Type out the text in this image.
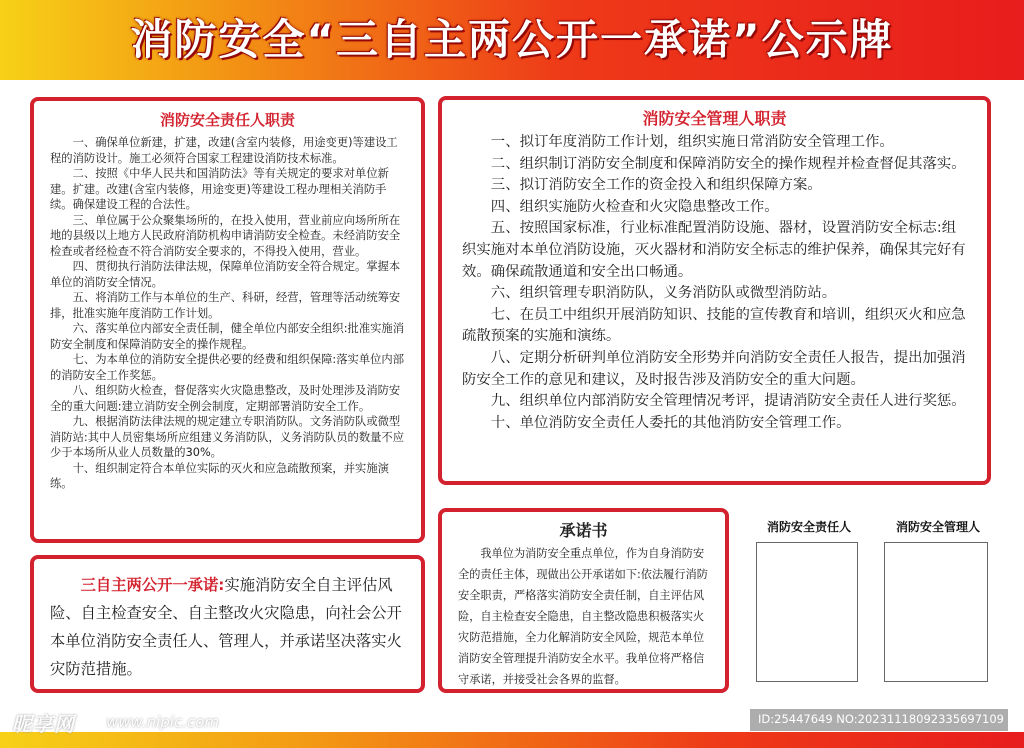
消防安全“三自主两公开一承诺”公示牌
消防安全责任人职责

一、确保单位新建，扩建，改建(含室内装修，用途变更)等建设工程的消防设计。施工必须符合国家工程建设消防技术标准。

二、按照《中华人民共和国消防法》等有关规定的要求对单位新建。扩建。改建(含室内装修，用途变更)等建设工程办理相关消防手续。确保建设工程的合法性。

三、单位属于公众聚集场所的，在投入使用，营业前应向场所所在地的县级以上地方人民政府消防机构申请消防安全检查。未经消防安全检查或者经检查不符合消防安全要求的，不得投入使用，营业。

四、贯彻执行消防法律法规，保障单位消防安全符合规定。掌握本单位的消防安全情况。

五、将消防工作与本单位的生产、科研，经营，管理等活动统筹安排，批准实施年度消防工作计划。

六、落实单位内部安全责任制，健全单位内部安全组织:批准实施消防安全制度和保障消防安全的操作规程。

七、为本单位的消防安全提供必要的经费和组织保障:落实单位内部的消防安全工作奖惩。

八、组织防火检查，督促落实火灾隐患整改，及时处理涉及消防安全的重大问题:建立消防安全例会制度，定期部署消防安全工作。

九、根据消防法律法规的规定建立专职消防队。文务消防队或微型消防站:其中人员密集场所应组建义务消防队，义务消防队员的数量不应少于本场所从业人员数量的30%。

十、组织制定符合本单位实际的灭火和应急疏散预案，并实施演练。

消防安全管理人职责

一、拟订年度消防工作计划，组织实施日常消防安全管理工作。

二、组织制订消防安全制度和保障消防安全的操作规程并检查督促其落实。

三、拟订消防安全工作的资金投入和组织保障方案。

四、组织实施防火检查和火灾隐患整改工作。

五、按照国家标准，行业标准配置消防设施、器材，设置消防安全标志:组织实施对本单位消防设施，灭火器材和消防安全标志的维护保养，确保其完好有效。确保疏散通道和安全出口畅通。

六、组织管理专职消防队，义务消防队或微型消防站。

七、在员工中组织开展消防知识、技能的宣传教育和培训，组织灭火和应急疏散预案的实施和演练。

八、定期分析研判单位消防安全形势并向消防安全责任人报告，提出加强消防安全工作的意见和建议，及时报告涉及消防安全的重大问题。

九、组织单位内部消防安全管理情况考评，提请消防安全责任人进行奖惩。

十、单位消防安全责任人委托的其他消防安全管理工作。

三自主两公开一承诺:实施消防安全自主评估风险、自主检查安全、自主整改火灾隐患，向社会公开本单位消防安全责任人、管理人，并承诺坚决落实火灾防范措施。

承诺书

我单位为消防安全重点单位，作为自身消防安全的责任主体，现做出公开承诺如下:依法履行消防安全职责，严格落实消防安全责任制，自主评估风险，自主检查安全隐患，自主整改隐患积极落实火灾防范措施，全力化解消防安全风险，规范本单位消防安全管理提升消防安全水平。我单位将严格信守承诺，并接受社会各界的监督。

消防安全责任人	消防安全管理人
昵享网 www.nipic.com	ID:25447649 NO:20231118092335697109
